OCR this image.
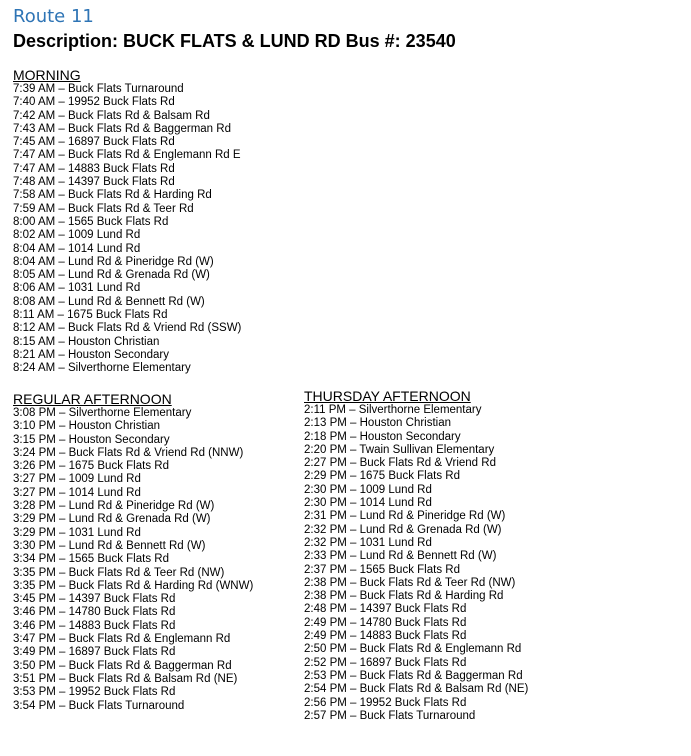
Route 11
Description: BUCK FLATS & LUND RD Bus #: 23540
MORNING
7:39 AM – Buck Flats Turnaround
7:40 AM – 19952 Buck Flats Rd
7:42 AM – Buck Flats Rd & Balsam Rd
7:43 AM – Buck Flats Rd & Baggerman Rd
7:45 AM – 16897 Buck Flats Rd
7:47 AM – Buck Flats Rd & Englemann Rd E
7:47 AM – 14883 Buck Flats Rd
7:48 AM – 14397 Buck Flats Rd
7:58 AM – Buck Flats Rd & Harding Rd
7:59 AM – Buck Flats Rd & Teer Rd
8:00 AM – 1565 Buck Flats Rd
8:02 AM – 1009 Lund Rd
8:04 AM – 1014 Lund Rd
8:04 AM – Lund Rd & Pineridge Rd (W)
8:05 AM – Lund Rd & Grenada Rd (W)
8:06 AM – 1031 Lund Rd
8:08 AM – Lund Rd & Bennett Rd (W)
8:11 AM – 1675 Buck Flats Rd
8:12 AM – Buck Flats Rd & Vriend Rd (SSW)
8:15 AM – Houston Christian
8:21 AM – Houston Secondary
8:24 AM – Silverthorne Elementary
REGULAR AFTERNOON
3:08 PM – Silverthorne Elementary
3:10 PM – Houston Christian
3:15 PM – Houston Secondary
3:24 PM – Buck Flats Rd & Vriend Rd (NNW)
3:26 PM – 1675 Buck Flats Rd
3:27 PM – 1009 Lund Rd
3:27 PM – 1014 Lund Rd
3:28 PM – Lund Rd & Pineridge Rd (W)
3:29 PM – Lund Rd & Grenada Rd (W)
3:29 PM – 1031 Lund Rd
3:30 PM – Lund Rd & Bennett Rd (W)
3:34 PM – 1565 Buck Flats Rd
3:35 PM – Buck Flats Rd & Teer Rd (NW)
3:35 PM – Buck Flats Rd & Harding Rd (WNW)
3:45 PM – 14397 Buck Flats Rd
3:46 PM – 14780 Buck Flats Rd
3:46 PM – 14883 Buck Flats Rd
3:47 PM – Buck Flats Rd & Englemann Rd
3:49 PM – 16897 Buck Flats Rd
3:50 PM – Buck Flats Rd & Baggerman Rd
3:51 PM – Buck Flats Rd & Balsam Rd (NE)
3:53 PM – 19952 Buck Flats Rd
3:54 PM – Buck Flats Turnaround
THURSDAY AFTERNOON
2:11 PM – Silverthorne Elementary
2:13 PM – Houston Christian
2:18 PM – Houston Secondary
2:20 PM – Twain Sullivan Elementary
2:27 PM – Buck Flats Rd & Vriend Rd
2:29 PM – 1675 Buck Flats Rd
2:30 PM – 1009 Lund Rd
2:30 PM – 1014 Lund Rd
2:31 PM – Lund Rd & Pineridge Rd (W)
2:32 PM – Lund Rd & Grenada Rd (W)
2:32 PM – 1031 Lund Rd
2:33 PM – Lund Rd & Bennett Rd (W)
2:37 PM – 1565 Buck Flats Rd
2:38 PM – Buck Flats Rd & Teer Rd (NW)
2:38 PM – Buck Flats Rd & Harding Rd
2:48 PM – 14397 Buck Flats Rd
2:49 PM – 14780 Buck Flats Rd
2:49 PM – 14883 Buck Flats Rd
2:50 PM – Buck Flats Rd & Englemann Rd
2:52 PM – 16897 Buck Flats Rd
2:53 PM – Buck Flats Rd & Baggerman Rd
2:54 PM – Buck Flats Rd & Balsam Rd (NE)
2:56 PM – 19952 Buck Flats Rd
2:57 PM – Buck Flats Turnaround
